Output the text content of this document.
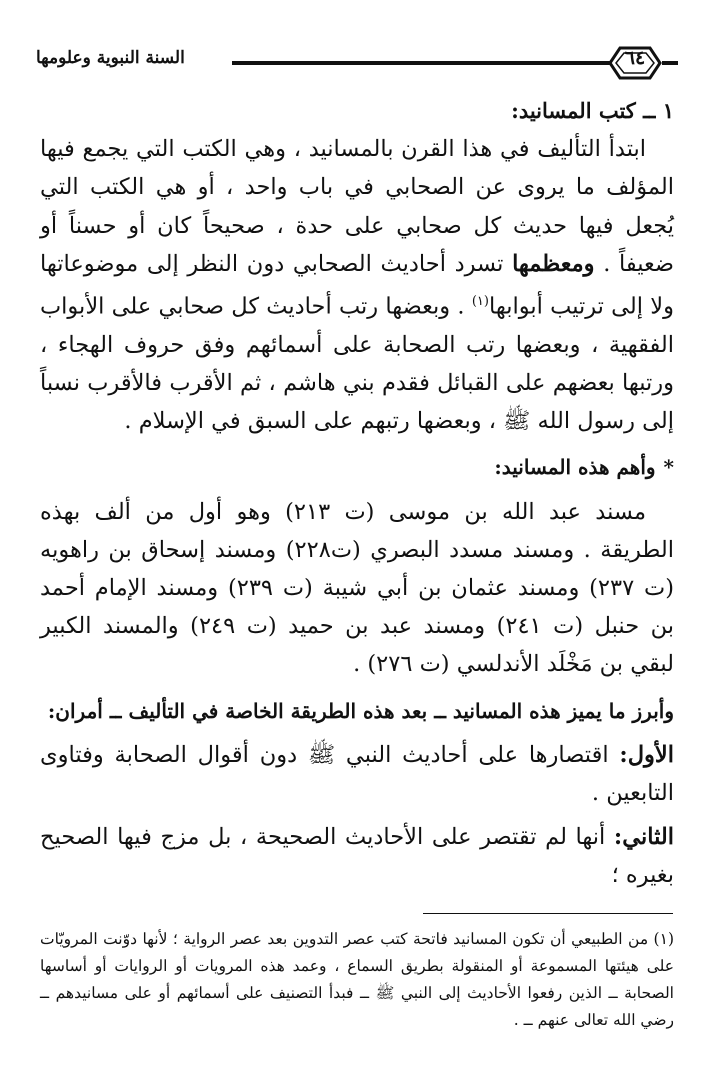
السنة النبوية وعلومها	٦٤

١ ــ كتب المسانيد:

ابتدأ التأليف في هذا القرن بالمسانيد ، وهي الكتب التي يجمع فيها المؤلف ما يروى عن الصحابي في باب واحد ، أو هي الكتب التي يُجعل فيها حديث كل صحابي على حدة ، صحيحاً كان أو حسناً أو ضعيفاً . ومعظمها تسرد أحاديث الصحابي دون النظر إلى موضوعاتها ولا إلى ترتيب أبوابها$^{(١)}$ . وبعضها رتب أحاديث كل صحابي على الأبواب الفقهية ، وبعضها رتب الصحابة على أسمائهم وفق حروف الهجاء ، ورتبها بعضهم على القبائل فقدم بني هاشم ، ثم الأقرب فالأقرب نسباً إلى رسول الله ﷺ ، وبعضها رتبهم على السبق في الإسلام .

*وأهم هذه المسانيد:

مسند عبد الله بن موسى (ت ٢١٣) وهو أول من ألف بهذه الطريقة . ومسند مسدد البصري (ت٢٢٨) ومسند إسحاق بن راهويه (ت ٢٣٧) ومسند عثمان بن أبي شيبة (ت ٢٣٩) ومسند الإمام أحمد بن حنبل (ت ٢٤١) ومسند عبد بن حميد (ت ٢٤٩) والمسند الكبير لبقي بن مَخْلَد الأندلسي (ت ٢٧٦) .

وأبرز ما يميز هذه المسانيد ــ بعد هذه الطريقة الخاصة في التأليف ــ أمران:

الأول: اقتصارها على أحاديث النبي ﷺ دون أقوال الصحابة وفتاوى التابعين .

الثاني: أنها لم تقتصر على الأحاديث الصحيحة ، بل مزج فيها الصحيح بغيره ؛

(١) من الطبيعي أن تكون المسانيد فاتحة كتب عصر التدوين بعد عصر الرواية ؛ لأنها دوّنت المرويّات على هيئتها المسموعة أو المنقولة بطريق السماع ، وعمد هذه المرويات أو الروايات أو أساسها الصحابة ــ الذين رفعوا الأحاديث إلى النبي ﷺ ــ فبدأ التصنيف على أسمائهم أو على مسانيدهم ــ رضي الله تعالى عنهم ــ .
